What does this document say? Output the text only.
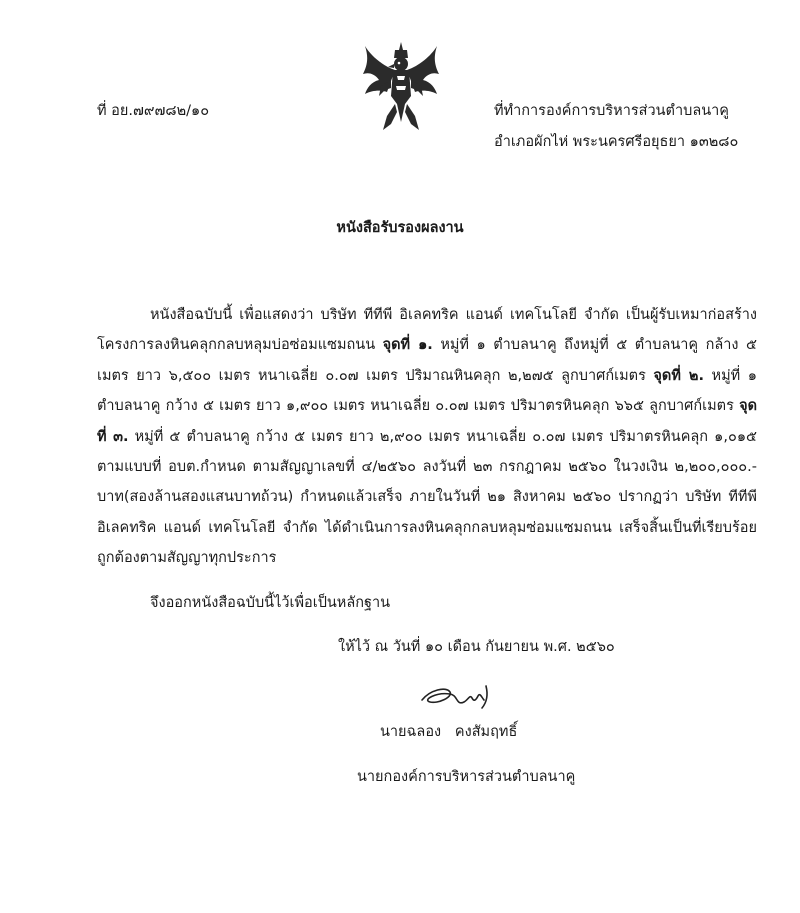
ที่ อย.๗๙๗๘๒/๑๐	ที่ทำการองค์การบริหารส่วนตำบลนาคู
อำเภอผักไห่ พระนครศรีอยุธยา ๑๓๒๘๐
หนังสือรับรองผลงาน
หนังสือฉบับนี้ เพื่อแสดงว่า บริษัท ทีทีพี อิเลคทริค แอนด์ เทคโนโลยี จำกัด เป็นผู้รับเหมาก่อสร้าง โครงการลงหินคลุกกลบหลุมบ่อซ่อมแซมถนน จุดที่ ๑. หมู่ที่ ๑ ตำบลนาคู ถึงหมู่ที่ ๕ ตำบลนาคู กล้าง ๕ เมตร ยาว ๖,๕๐๐ เมตร หนาเฉลี่ย ๐.๐๗ เมตร ปริมาณหินคลุก ๒,๒๗๕ ลูกบาศก์เมตร จุดที่ ๒. หมู่ที่ ๑ ตำบลนาคู กว้าง ๕ เมตร ยาว ๑,๙๐๐ เมตร หนาเฉลี่ย ๐.๐๗ เมตร ปริมาตรหินคลุก ๖๖๕ ลูกบาศก์เมตร จุดที่ ๓. หมู่ที่ ๕ ตำบลนาคู กว้าง ๕ เมตร ยาว ๒,๙๐๐ เมตร หนาเฉลี่ย ๐.๐๗ เมตร ปริมาตรหินคลุก ๑,๐๑๕ ตามแบบที่ อบต.กำหนด ตามสัญญาเลขที่ ๔/๒๕๖๐ ลงวันที่ ๒๓ กรกฎาคม ๒๕๖๐ ในวงเงิน ๒,๒๐๐,๐๐๐.- บาท(สองล้านสองแสนบาทถ้วน) กำหนดแล้วเสร็จ ภายในวันที่ ๒๑ สิงหาคม ๒๕๖๐ ปรากฏว่า บริษัท ทีทีพี อิเลคทริค แอนด์ เทคโนโลยี จำกัด ได้ดำเนินการลงหินคลุกกลบหลุมซ่อมแซมถนน เสร็จสิ้นเป็นที่เรียบร้อย ถูกต้องตามสัญญาทุกประการ
จึงออกหนังสือฉบับนี้ไว้เพื่อเป็นหลักฐาน
ให้ไว้ ณ วันที่ ๑๐ เดือน กันยายน พ.ศ. ๒๕๖๐
นายฉลอง   คงสัมฤทธิ์
นายกองค์การบริหารส่วนตำบลนาคู
